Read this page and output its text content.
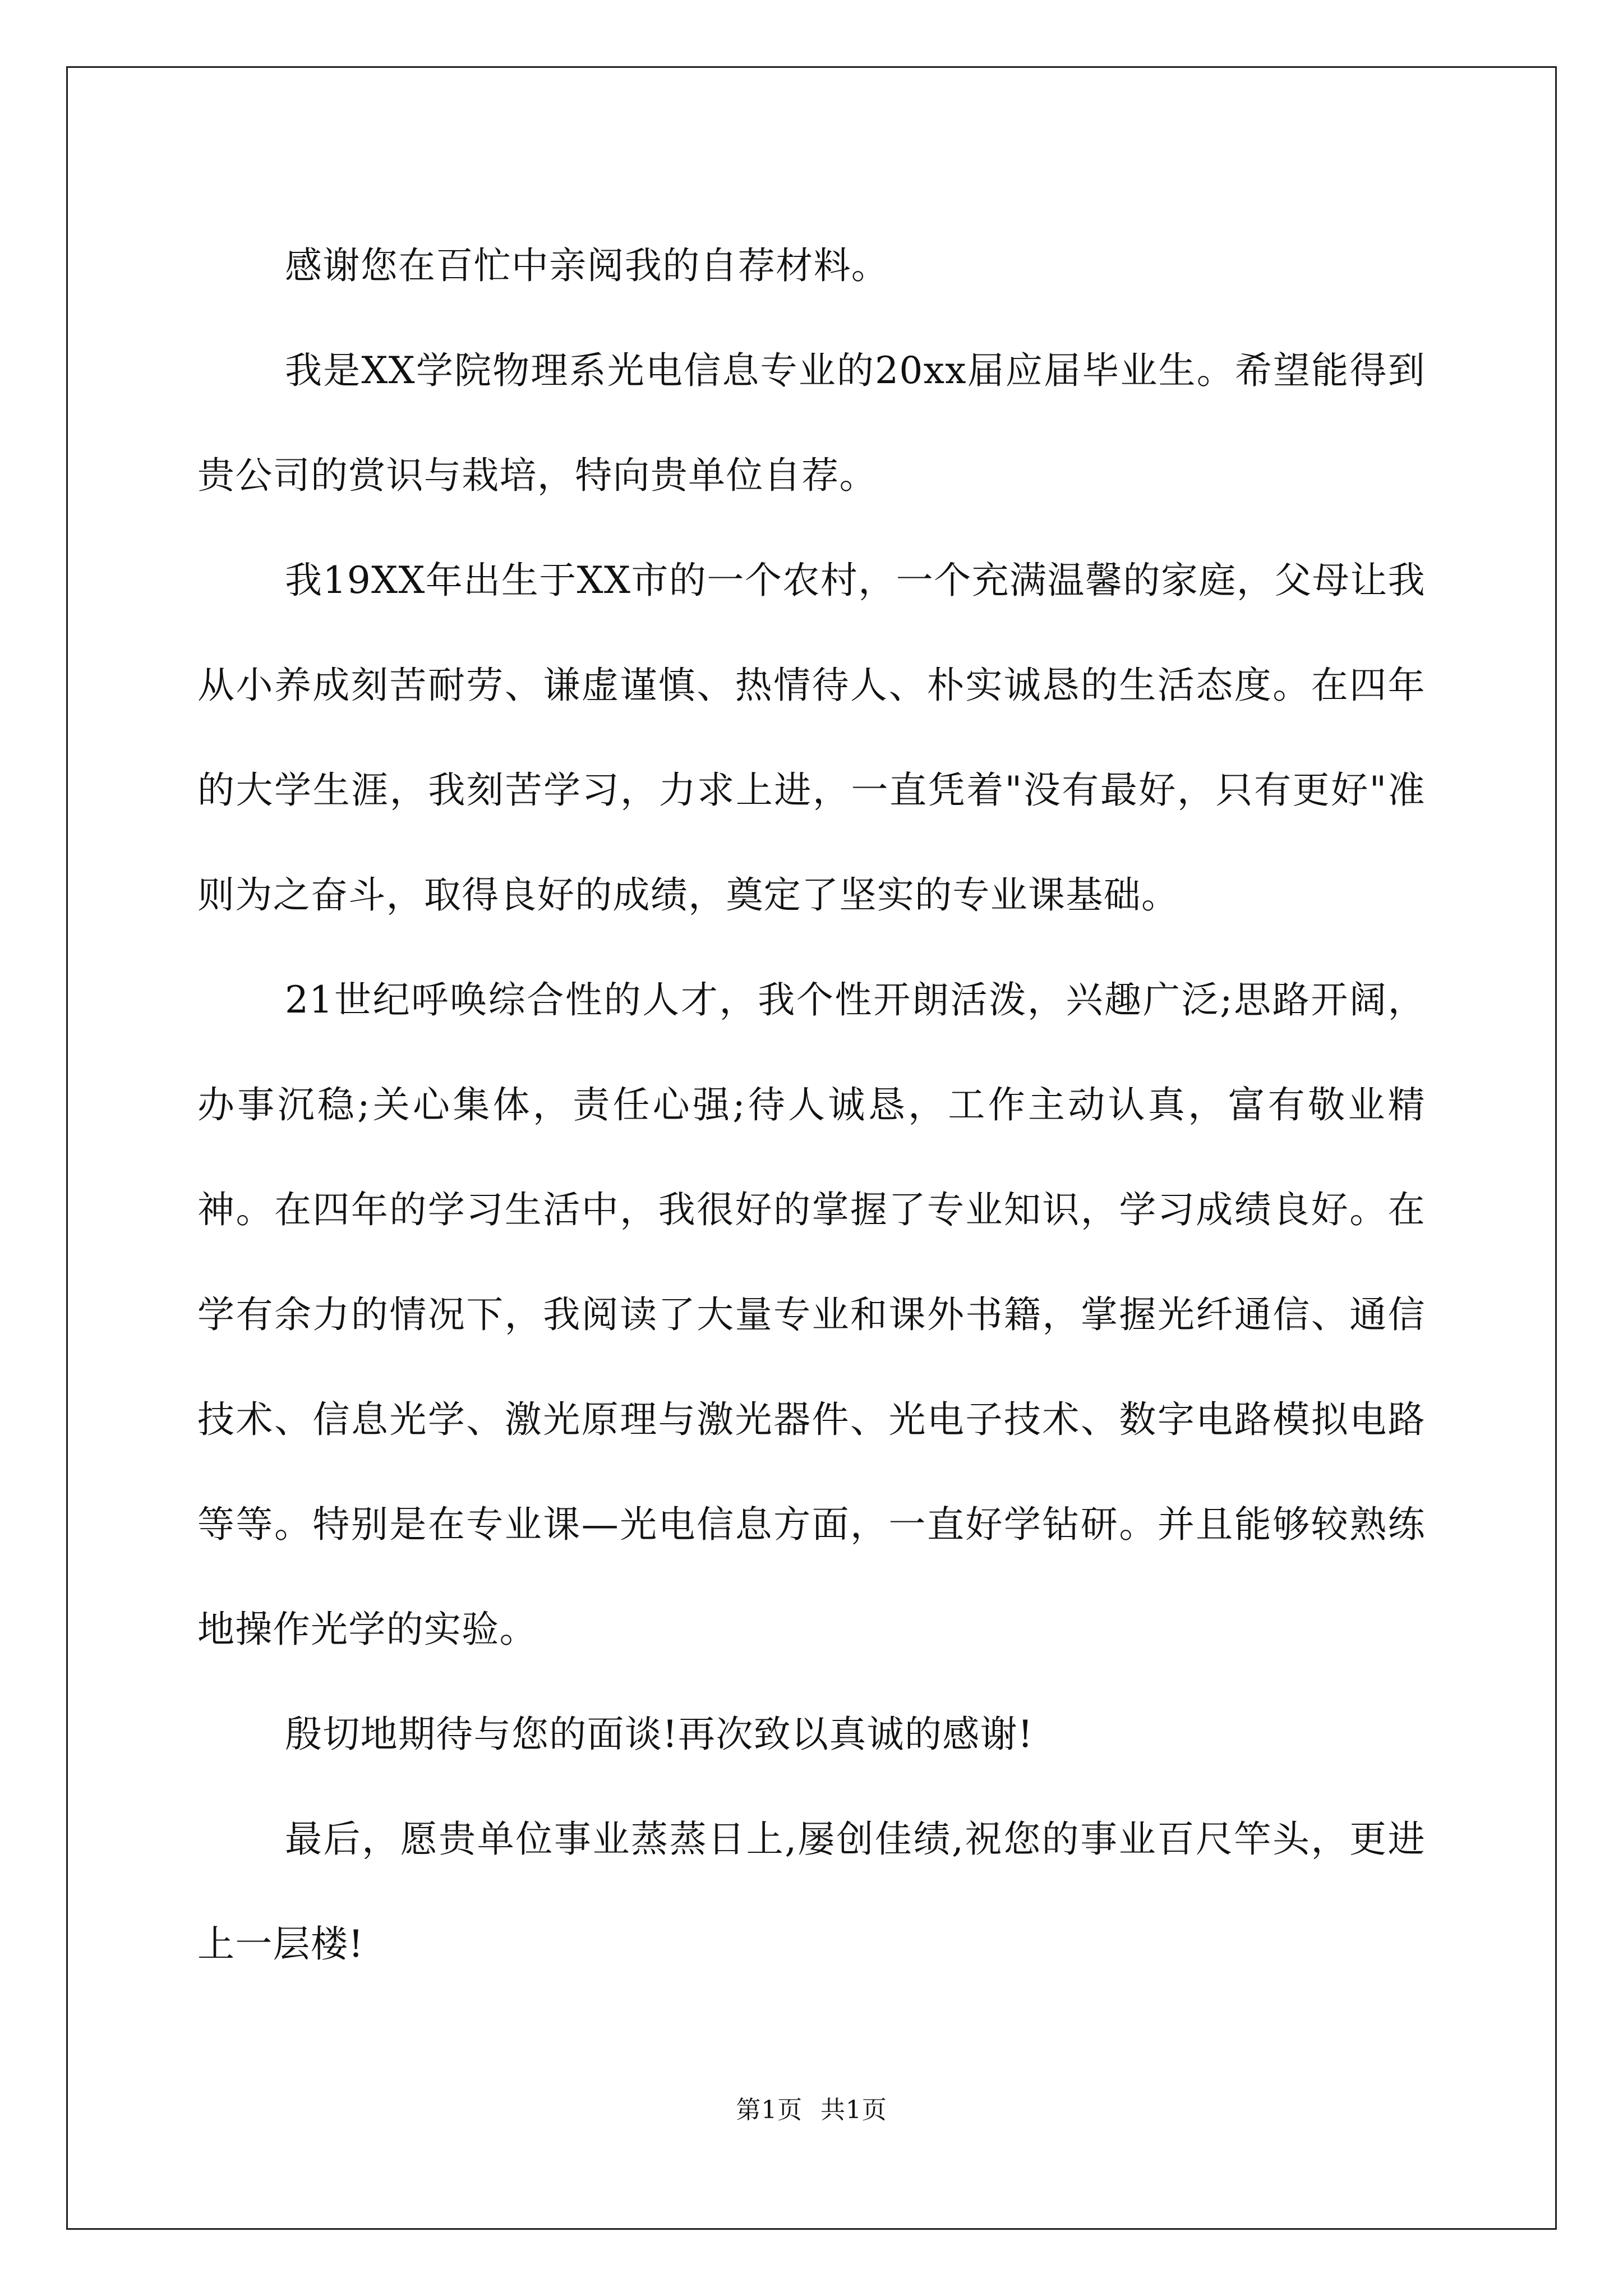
感谢您在百忙中亲阅我的自荐材料。

我是XX学院物理系光电信息专业的20xx届应届毕业生。希望能得到贵公司的赏识与栽培，特向贵单位自荐。

我19XX年出生于XX市的一个农村，一个充满温馨的家庭，父母让我从小养成刻苦耐劳、谦虚谨慎、热情待人、朴实诚恳的生活态度。在四年的大学生涯，我刻苦学习，力求上进，一直凭着"没有最好，只有更好"准则为之奋斗，取得良好的成绩，奠定了坚实的专业课基础。

21世纪呼唤综合性的人才，我个性开朗活泼，兴趣广泛;思路开阔，办事沉稳;关心集体，责任心强;待人诚恳，工作主动认真，富有敬业精神。在四年的学习生活中，我很好的掌握了专业知识，学习成绩良好。在学有余力的情况下，我阅读了大量专业和课外书籍，掌握光纤通信、通信技术、信息光学、激光原理与激光器件、光电子技术、数字电路模拟电路等等。特别是在专业课—光电信息方面，一直好学钻研。并且能够较熟练地操作光学的实验。

殷切地期待与您的面谈!再次致以真诚的感谢!

最后，愿贵单位事业蒸蒸日上,屡创佳绩,祝您的事业百尺竿头，更进上一层楼!

第1页 共1页
